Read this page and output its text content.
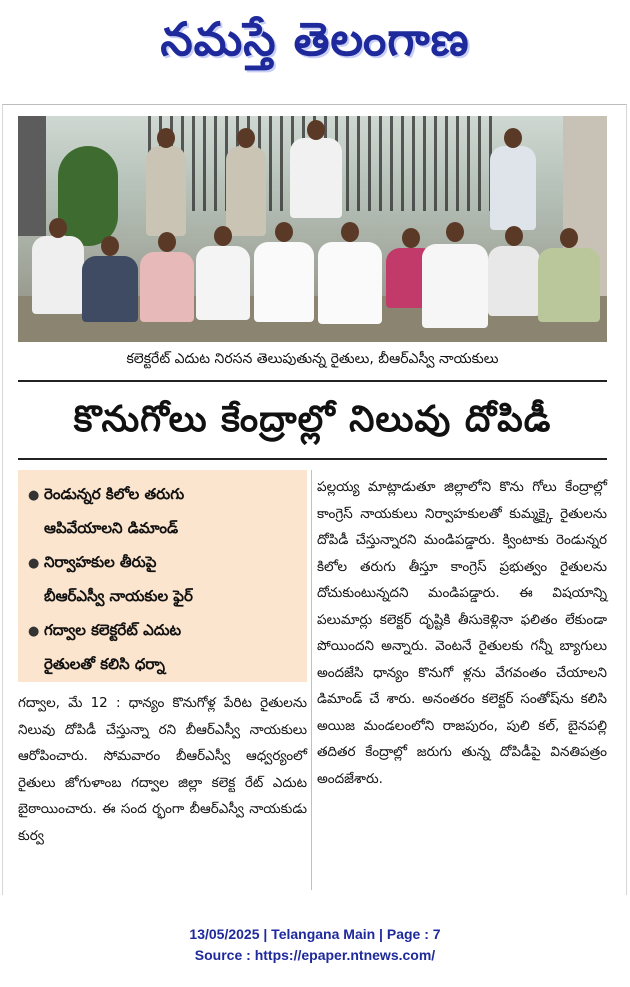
నమస్తే తెలంగాణ
కలెక్టరేట్ ఎదుట నిరసన తెలుపుతున్న రైతులు, బీఆర్ఎస్వీ నాయకులు
కొనుగోలు కేంద్రాల్లో నిలువు దోపిడీ
● రెండున్నర కిలోల తరుగు
ఆపివేయాలని డిమాండ్
● నిర్వాహకుల తీరుపై
బీఆర్ఎస్వీ నాయకుల ఫైర్
● గద్వాల కలెక్టరేట్ ఎదుట
రైతులతో కలిసి ధర్నా
గద్వాల, మే 12 : ధాన్యం కొనుగోళ్ల పేరిట రైతులను నిలువు దోపిడీ చేస్తున్నా రని బీఆర్ఎస్వీ నాయకులు ఆరోపించారు. సోమవారం బీఆర్ఎస్వీ ఆధ్వర్యంలో రైతులు జోగుళాంబ గద్వాల జిల్లా కలెక్ట రేట్ ఎదుట బైఠాయించారు. ఈ సంద ర్భంగా బీఆర్ఎస్వీ నాయకుడు కుర్వ
పల్లయ్య మాట్లాడుతూ జిల్లాలోని కొను గోలు కేంద్రాల్లో కాంగ్రెస్ నాయకులు నిర్వాహకులతో కుమ్మక్కై రైతులను దోపిడీ చేస్తున్నారని మండిపడ్డారు. క్వింటాకు రెండున్నర కిలోల తరుగు తీస్తూ కాంగ్రెస్ ప్రభుత్వం రైతులను దోచుకుంటున్నదని మండిపడ్డారు. ఈ విషయాన్ని పలుమార్లు కలెక్టర్ దృష్టికి తీసుకెళ్లినా ఫలితం లేకుండా పోయిందని అన్నారు. వెంటనే రైతులకు గన్నీ బ్యాగులు అందజేసి ధాన్యం కొనుగో ళ్లను వేగవంతం చేయాలని డిమాండ్ చే శారు. అనంతరం కలెక్టర్ సంతోష్‌ను కలిసి అయిజ మండలంలోని రాజపురం, పులి కల్, బైనపల్లి తదితర కేంద్రాల్లో జరుగు తున్న దోపిడీపై వినతిపత్రం అందజేశారు.
13/05/2025 | Telangana Main | Page : 7
Source : https://epaper.ntnews.com/
